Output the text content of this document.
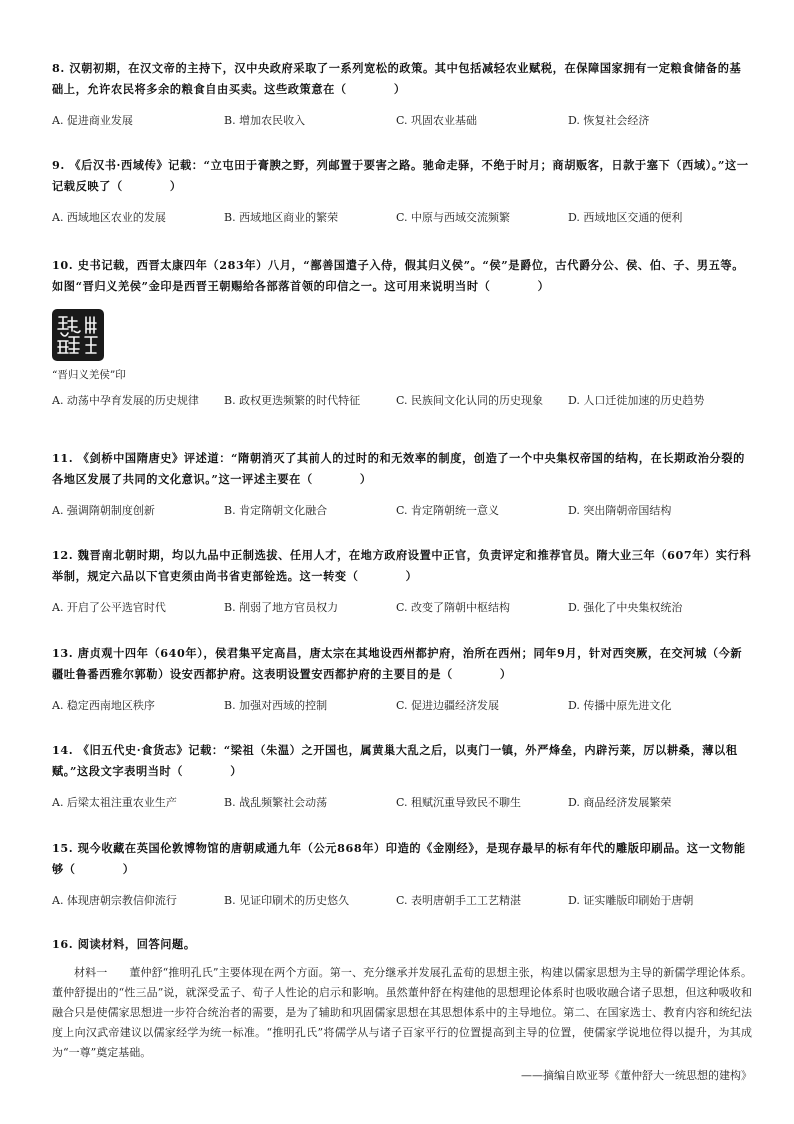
8. 汉朝初期，在汉文帝的主持下，汉中央政府采取了一系列宽松的政策。其中包括减轻农业赋税，在保障国家拥有一定粮食储备的基础上，允许农民将多余的粮食自由买卖。这些政策意在（　　　　）

A. 促进商业发展	B. 增加农民收入	C. 巩固农业基础	D. 恢复社会经济

9. 《后汉书·西域传》记载：“立屯田于膏腴之野，列邮置于要害之路。驰命走驿，不绝于时月；商胡贩客，日款于塞下（西域）。”这一记载反映了（　　　　）

A. 西域地区农业的发展	B. 西域地区商业的繁荣	C. 中原与西域交流频繁	D. 西域地区交通的便利

10. 史书记载，西晋太康四年（283年）八月，“鄯善国遣子入侍，假其归义侯”。“侯”是爵位，古代爵分公、侯、伯、子、男五等。如图“晋归义羌侯”金印是西晋王朝赐给各部落首领的印信之一。这可用来说明当时（　　　　）

“晋归义羌侯”印
A. 动荡中孕育发展的历史规律 B. 政权更迭频繁的时代特征	C. 民族间文化认同的历史现象 D. 人口迁徙加速的历史趋势

11. 《剑桥中国隋唐史》评述道：“隋朝消灭了其前人的过时的和无效率的制度，创造了一个中央集权帝国的结构，在长期政治分裂的各地区发展了共同的文化意识。”这一评述主要在（　　　　）

A. 强调隋朝制度创新	B. 肯定隋朝文化融合	C. 肯定隋朝统一意义	D. 突出隋朝帝国结构

12. 魏晋南北朝时期，均以九品中正制选拔、任用人才，在地方政府设置中正官，负责评定和推荐官员。隋大业三年（607年）实行科举制，规定六品以下官吏须由尚书省吏部铨选。这一转变（　　　　）

A. 开启了公平选官时代	B. 削弱了地方官员权力	C. 改变了隋朝中枢结构	D. 强化了中央集权统治

13. 唐贞观十四年（640年），侯君集平定高昌，唐太宗在其地设西州都护府，治所在西州；同年9月，针对西突厥，在交河城（今新疆吐鲁番西雅尔郭勒）设安西都护府。这表明设置安西都护府的主要目的是（　　　　）

A. 稳定西南地区秩序	B. 加强对西域的控制	C. 促进边疆经济发展	D. 传播中原先进文化

14. 《旧五代史·食货志》记载：“梁祖（朱温）之开国也，属黄巢大乱之后，以夷门一镇，外严烽垒，内辟污莱，厉以耕桑，薄以租赋。”这段文字表明当时（　　　　）

A. 后梁太祖注重农业生产	B. 战乱频繁社会动荡	C. 租赋沉重导致民不聊生	D. 商品经济发展繁荣

15. 现今收藏在英国伦敦博物馆的唐朝咸通九年（公元868年）印造的《金刚经》，是现存最早的标有年代的雕版印刷品。这一文物能够（　　　　）

A. 体现唐朝宗教信仰流行	B. 见证印刷术的历史悠久	C. 表明唐朝手工工艺精湛	D. 证实雕版印刷始于唐朝

16. 阅读材料，回答问题。

材料一 董仲舒“推明孔氏”主要体现在两个方面。第一、充分继承并发展孔孟荀的思想主张，构建以儒家思想为主导的新儒学理论体系。董仲舒提出的“性三品”说，就深受孟子、荀子人性论的启示和影响。虽然董仲舒在构建他的思想理论体系时也吸收融合诸子思想，但这种吸收和融合只是使儒家思想进一步符合统治者的需要，是为了辅助和巩固儒家思想在其思想体系中的主导地位。第二、在国家选士、教育内容和统纪法度上向汉武帝建议以儒家经学为统一标准。“推明孔氏”将儒学从与诸子百家平行的位置提高到主导的位置，使儒家学说地位得以提升，为其成为“一尊”奠定基础。

——摘编自欧亚琴《董仲舒大一统思想的建构》
